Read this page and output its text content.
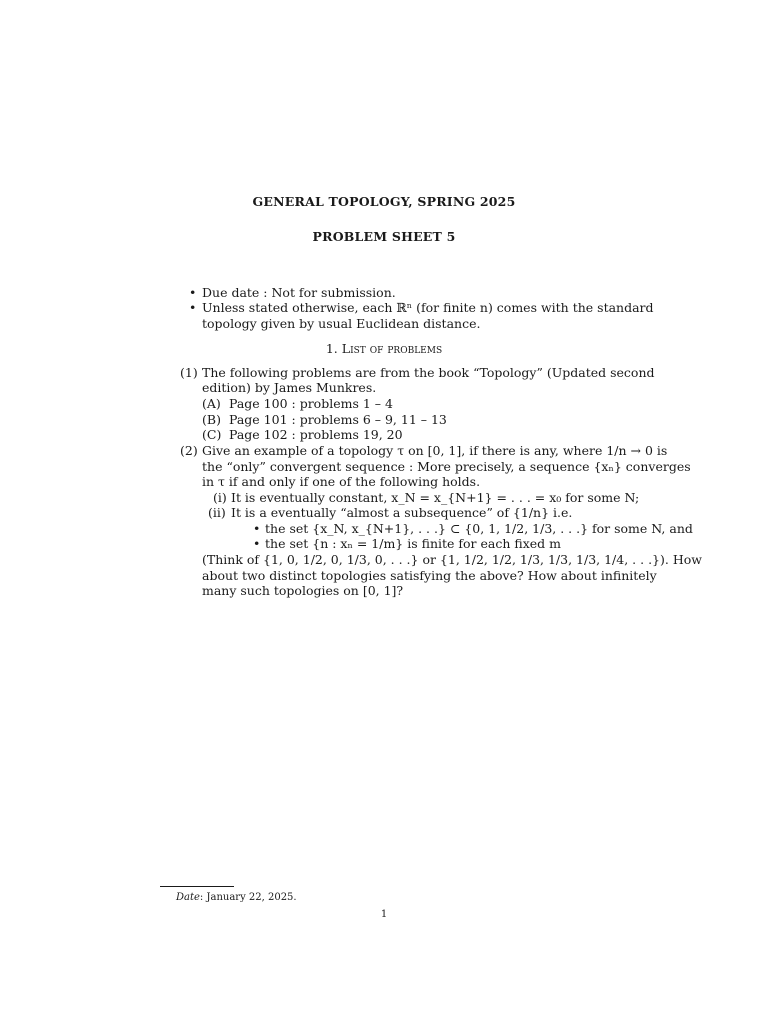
GENERAL TOPOLOGY, SPRING 2025
PROBLEM SHEET 5
• Due date : Not for submission.
• Unless stated otherwise, each ℝⁿ (for finite n) comes with the standard
topology given by usual Euclidean distance.
1. List of problems
(1) The following problems are from the book “Topology” (Updated second
edition) by James Munkres.
(A) Page 100 : problems 1 – 4
(B) Page 101 : problems 6 – 9, 11 – 13
(C) Page 102 : problems 19, 20
(2) Give an example of a topology τ on [0, 1], if there is any, where 1/n → 0 is
the “only” convergent sequence : More precisely, a sequence {xₙ} converges
in τ if and only if one of the following holds.
(i) It is eventually constant, x_N = x_{N+1} = . . . = x₀ for some N;
(ii) It is a eventually “almost a subsequence” of {1/n} i.e.
• the set {x_N, x_{N+1}, . . .} ⊂ {0, 1, 1/2, 1/3, . . .} for some N, and
• the set {n : xₙ = 1/m} is finite for each fixed m
(Think of {1, 0, 1/2, 0, 1/3, 0, . . .} or {1, 1/2, 1/2, 1/3, 1/3, 1/3, 1/4, . . .}). How
about two distinct topologies satisfying the above? How about infinitely
many such topologies on [0, 1]?
Date: January 22, 2025.
1
